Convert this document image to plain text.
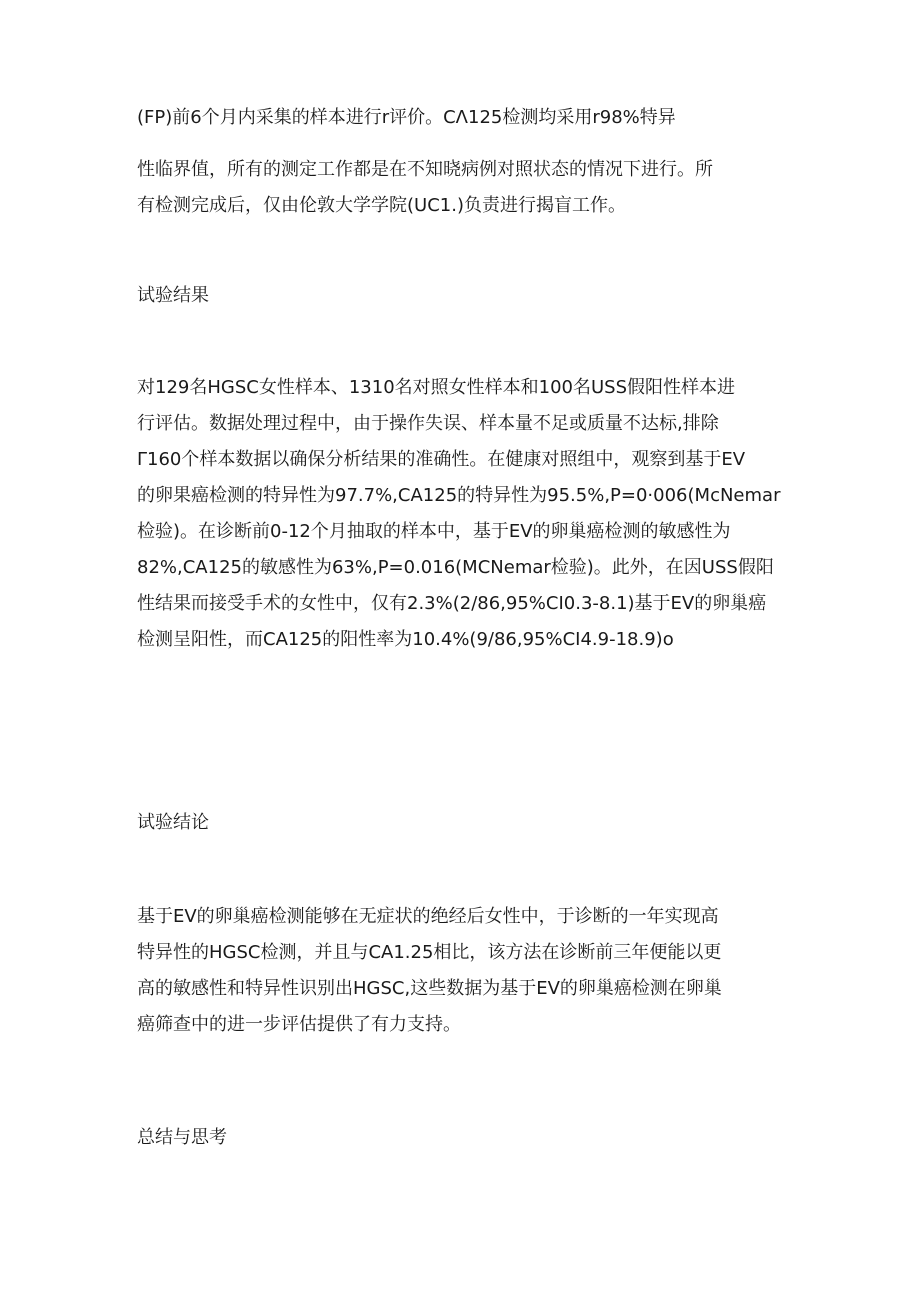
(FP)前6个月内采集的样本进行r评价。CΛ125检测均采用r98%特异
性临界值，所有的测定工作都是在不知晓病例对照状态的情况下进行。所
有检测完成后，仅由伦敦大学学院(UC1.)负责进行揭盲工作。
试验结果
对129名HGSC女性样本、1310名对照女性样本和100名USS假阳性样本进
行评估。数据处理过程中，由于操作失误、样本量不足或质量不达标,排除
Γ160个样本数据以确保分析结果的准确性。在健康对照组中，观察到基于EV
的卵果癌检测的特异性为97.7%,CA125的特异性为95.5%,P=0·006(McNemar
检验)。在诊断前0-12个月抽取的样本中，基于EV的卵巢癌检测的敏感性为
82%,CA125的敏感性为63%,P=0.016(MCNemar检验)。此外，在因USS假阳
性结果而接受手术的女性中，仅有2.3%(2/86,95%CI0.3-8.1)基于EV的卵巢癌
检测呈阳性，而CA125的阳性率为10.4%(9/86,95%CI4.9-18.9)o
试验结论
基于EV的卵巢癌检测能够在无症状的绝经后女性中，于诊断的一年实现高
特异性的HGSC检测，并且与CA1.25相比，该方法在诊断前三年便能以更
高的敏感性和特异性识别出HGSC,这些数据为基于EV的卵巢癌检测在卵巢
癌筛查中的进一步评估提供了有力支持。
总结与思考
